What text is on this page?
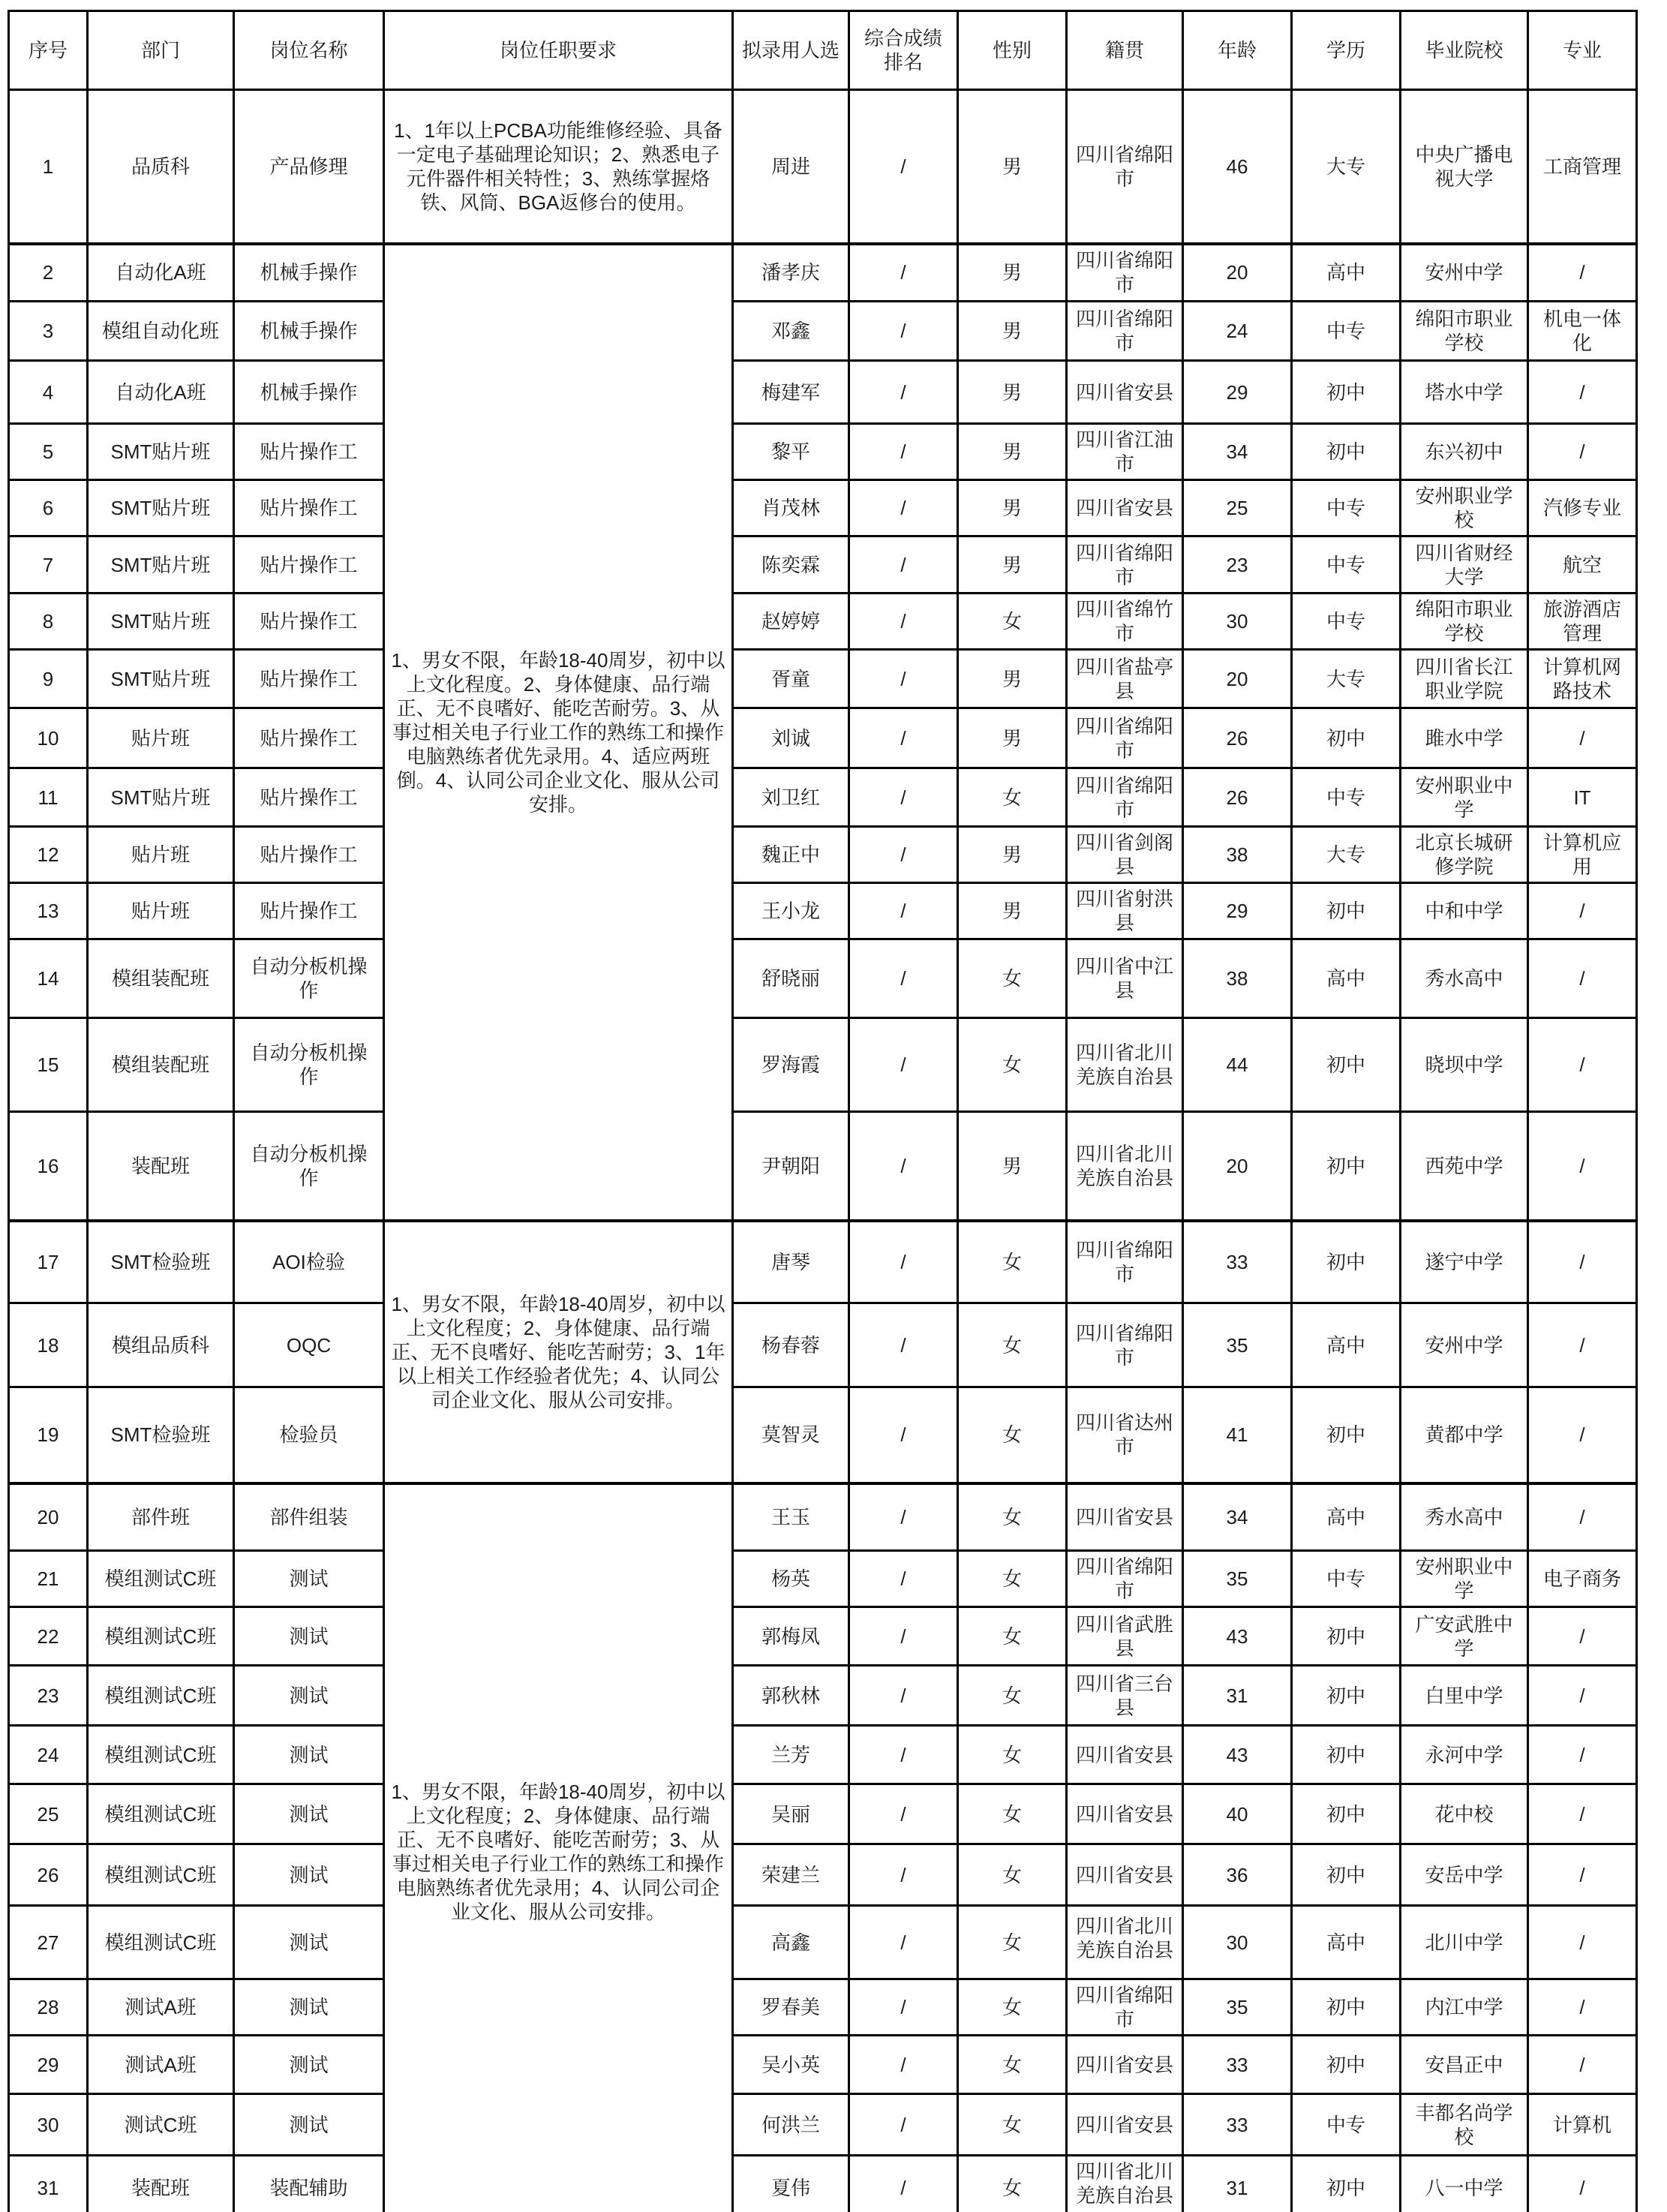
序号	部门	岗位名称	岗位任职要求	拟录用人选	综合成绩排名	性别	籍贯	年龄	学历	毕业院校	专业
1	品质科	产品修理	1、1年以上PCBA功能维修经验、具备一定电子基础理论知识；2、熟悉电子元件器件相关特性；3、熟练掌握烙铁、风筒、BGA返修台的使用。	周进	/	男	四川省绵阳市	46	大专	中央广播电视大学	工商管理
2	自动化A班	机械手操作	1、男女不限，年龄18-40周岁，初中以上文化程度。2、身体健康、品行端正、无不良嗜好、能吃苦耐劳。3、从事过相关电子行业工作的熟练工和操作电脑熟练者优先录用。4、适应两班倒。4、认同公司企业文化、服从公司安排。	潘孝庆	/	男	四川省绵阳市	20	高中	安州中学	/
3	模组自动化班	机械手操作		邓鑫	/	男	四川省绵阳市	24	中专	绵阳市职业学校	机电一体化
4	自动化A班	机械手操作		梅建军	/	男	四川省安县	29	初中	塔水中学	/
5	SMT贴片班	贴片操作工		黎平	/	男	四川省江油市	34	初中	东兴初中	/
6	SMT贴片班	贴片操作工		肖茂林	/	男	四川省安县	25	中专	安州职业学校	汽修专业
7	SMT贴片班	贴片操作工		陈奕霖	/	男	四川省绵阳市	23	中专	四川省财经大学	航空
8	SMT贴片班	贴片操作工		赵婷婷	/	女	四川省绵竹市	30	中专	绵阳市职业学校	旅游酒店管理
9	SMT贴片班	贴片操作工		胥童	/	男	四川省盐亭县	20	大专	四川省长江职业学院	计算机网路技术
10	贴片班	贴片操作工		刘诚	/	男	四川省绵阳市	26	初中	雎水中学	/
11	SMT贴片班	贴片操作工		刘卫红	/	女	四川省绵阳市	26	中专	安州职业中学	IT
12	贴片班	贴片操作工		魏正中	/	男	四川省剑阁县	38	大专	北京长城研修学院	计算机应用
13	贴片班	贴片操作工		王小龙	/	男	四川省射洪县	29	初中	中和中学	/
14	模组装配班	自动分板机操作		舒晓丽	/	女	四川省中江县	38	高中	秀水高中	/
15	模组装配班	自动分板机操作		罗海霞	/	女	四川省北川羌族自治县	44	初中	晓坝中学	/
16	装配班	自动分板机操作		尹朝阳	/	男	四川省北川羌族自治县	20	初中	西苑中学	/
17	SMT检验班	AOI检验	1、男女不限，年龄18-40周岁，初中以上文化程度；2、身体健康、品行端正、无不良嗜好、能吃苦耐劳；3、1年以上相关工作经验者优先；4、认同公司企业文化、服从公司安排。	唐琴	/	女	四川省绵阳市	33	初中	遂宁中学	/
18	模组品质科	OQC		杨春蓉	/	女	四川省绵阳市	35	高中	安州中学	/
19	SMT检验班	检验员		莫智灵	/	女	四川省达州市	41	初中	黄都中学	/
20	部件班	部件组装	1、男女不限，年龄18-40周岁，初中以上文化程度；2、身体健康、品行端正、无不良嗜好、能吃苦耐劳；3、从事过相关电子行业工作的熟练工和操作电脑熟练者优先录用；4、认同公司企业文化、服从公司安排。	王玉	/	女	四川省安县	34	高中	秀水高中	/
21	模组测试C班	测试		杨英	/	女	四川省绵阳市	35	中专	安州职业中学	电子商务
22	模组测试C班	测试		郭梅凤	/	女	四川省武胜县	43	初中	广安武胜中学	/
23	模组测试C班	测试		郭秋林	/	女	四川省三台县	31	初中	白里中学	/
24	模组测试C班	测试		兰芳	/	女	四川省安县	43	初中	永河中学	/
25	模组测试C班	测试		吴丽	/	女	四川省安县	40	初中	花中校	/
26	模组测试C班	测试		荣建兰	/	女	四川省安县	36	初中	安岳中学	/
27	模组测试C班	测试		高鑫	/	女	四川省北川羌族自治县	30	高中	北川中学	/
28	测试A班	测试		罗春美	/	女	四川省绵阳市	35	初中	内江中学	/
29	测试A班	测试		吴小英	/	女	四川省安县	33	初中	安昌正中	/
30	测试C班	测试		何洪兰	/	女	四川省安县	33	中专	丰都名尚学校	计算机
31	装配班	装配辅助		夏伟	/	女	四川省北川羌族自治县	31	初中	八一中学	/
